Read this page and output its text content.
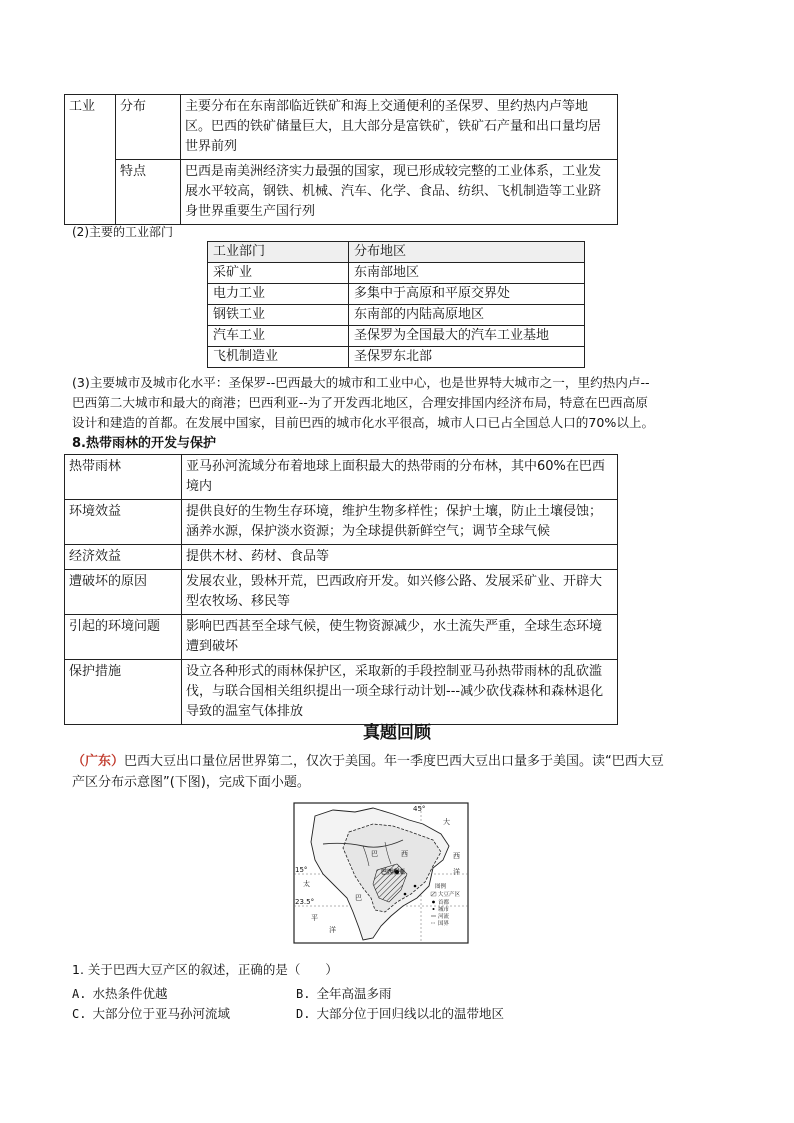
工业	分布	主要分布在东南部临近铁矿和海上交通便利的圣保罗、里约热内卢等地区。巴西的铁矿储量巨大，且大部分是富铁矿，铁矿石产量和出口量均居世界前列
	特点	巴西是南美洲经济实力最强的国家，现已形成较完整的工业体系，工业发展水平较高，钢铁、机械、汽车、化学、食品、纺织、飞机制造等工业跻身世界重要生产国行列
(2)主要的工业部门
工业部门	分布地区
采矿业	东南部地区
电力工业	多集中于高原和平原交界处
钢铁工业	东南部的内陆高原地区
汽车工业	圣保罗为全国最大的汽车工业基地
飞机制造业	圣保罗东北部
(3)主要城市及城市化水平：圣保罗--巴西最大的城市和工业中心，也是世界特大城市之一，里约热内卢--
巴西第二大城市和最大的商港；巴西利亚--为了开发西北地区，合理安排国内经济布局，特意在巴西高原
设计和建造的首都。在发展中国家，目前巴西的城市化水平很高，城市人口已占全国总人口的70%以上。
8.热带雨林的开发与保护
热带雨林	亚马孙河流域分布着地球上面积最大的热带雨的分布林，其中60%在巴西境内
环境效益	提供良好的生物生存环境，维护生物多样性；保护土壤，防止土壤侵蚀；涵养水源，保护淡水资源；为全球提供新鲜空气；调节全球气候
经济效益	提供木材、药材、食品等
遭破坏的原因	发展农业，毁林开荒，巴西政府开发。如兴修公路、发展采矿业、开辟大型农牧场、移民等
引起的环境问题	影响巴西甚至全球气候，使生物资源减少，水土流失严重，全球生态环境遭到破坏
保护措施	设立各种形式的雨林保护区，采取新的手段控制亚马孙热带雨林的乱砍滥伐，与联合国相关组织提出一项全球行动计划---减少砍伐森林和森林退化导致的温室气体排放
真题回顾
（广东）巴西大豆出口量位居世界第二，仅次于美国。年一季度巴西大豆出口量多于美国。读“巴西大豆
产区分布示意图”(下图)，完成下面小题。
15°
23.5°
45°
大
西
洋
巴	西
巴西利亚
巴
太
平
洋
图例
大豆产区
首都
城市
河流
国界
1. 关于巴西大豆产区的叙述，正确的是（　　）
A. 水热条件优越	B. 全年高温多雨
C. 大部分位于亚马孙河流域	D. 大部分位于回归线以北的温带地区
